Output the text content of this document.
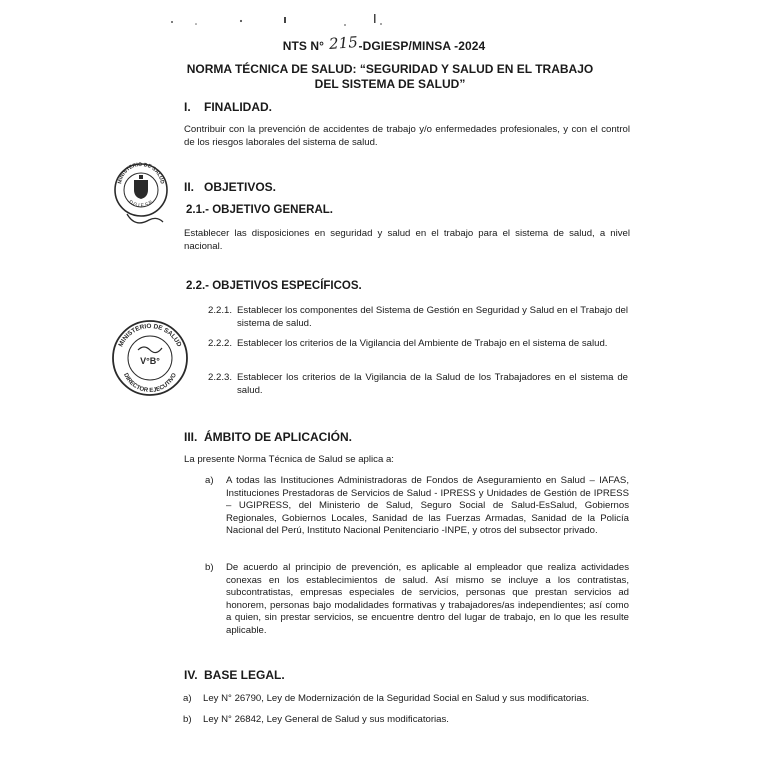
NTS N° 215-DGIESP/MINSA -2024
NORMA TÉCNICA DE SALUD: “SEGURIDAD Y SALUD EN EL TRABAJO
DEL SISTEMA DE SALUD”
I. FINALIDAD.
Contribuir con la prevención de accidentes de trabajo y/o enfermedades profesionales, y con el control de los riesgos laborales del sistema de salud.
II. OBJETIVOS.
2.1.- OBJETIVO GENERAL.
Establecer las disposiciones en seguridad y salud en el trabajo para el sistema de salud, a nivel nacional.
2.2.- OBJETIVOS ESPECÍFICOS.
2.2.1. Establecer los componentes del Sistema de Gestión en Seguridad y Salud en el Trabajo del sistema de salud.
2.2.2. Establecer los criterios de la Vigilancia del Ambiente de Trabajo en el sistema de salud.
2.2.3. Establecer los criterios de la Vigilancia de la Salud de los Trabajadores en el sistema de salud.
III. ÁMBITO DE APLICACIÓN.
La presente Norma Técnica de Salud se aplica a:
a) A todas las Instituciones Administradoras de Fondos de Aseguramiento en Salud – IAFAS, Instituciones Prestadoras de Servicios de Salud - IPRESS y Unidades de Gestión de IPRESS – UGIPRESS, del Ministerio de Salud, Seguro Social de Salud-EsSalud, Gobiernos Regionales, Gobiernos Locales, Sanidad de las Fuerzas Armadas, Sanidad de la Policía Nacional del Perú, Instituto Nacional Penitenciario -INPE, y otros del subsector privado.
b) De acuerdo al principio de prevención, es aplicable al empleador que realiza actividades conexas en los establecimientos de salud. Así mismo se incluye a los contratistas, subcontratistas, empresas especiales de servicios, personas que prestan servicios ad honorem, personas bajo modalidades formativas y trabajadores/as independientes; así como a quien, sin prestar servicios, se encuentre dentro del lugar de trabajo, en lo que les resulte aplicable.
IV. BASE LEGAL.
a) Ley N° 26790, Ley de Modernización de la Seguridad Social en Salud y sus modificatorias.
b) Ley N° 26842, Ley General de Salud y sus modificatorias.
MINISTERIO DE SALUD
D.G.I.E.S.P.
MINISTERIO DE SALUD
DIRECTOR EJECUTIVO
V°B°
